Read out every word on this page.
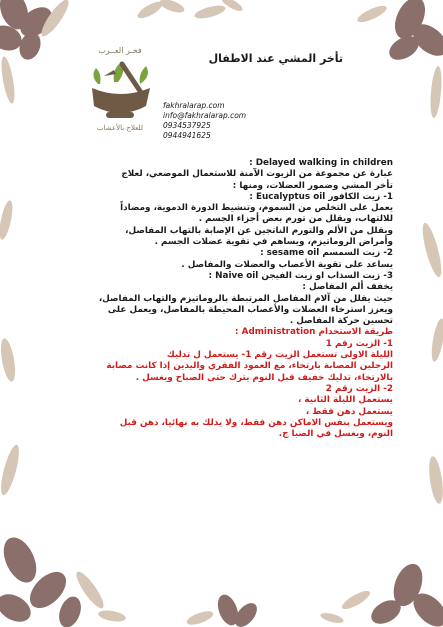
فخـر العــرب
للعلاج بالأعشاب
تأخر المشي عند الاطفال
fakhralarap.com
info@fakhralarap.com
0934537925
0944941625

Delayed walking in children :

عبارة عن مجموعة من الزيوت الآمنة للاستعمال الموضعي، لعلاج

تأخر المشي وضمور العضلات، ومنها :

1- زيت الكافور Eucalyptus oil :

يعمل على التخلص من السموم، وتنشيط الدورة الدموية، ومضاداً

للالتهاب، ويقلل من تورم بعض أجزاء الجسم .

ويقلل من الألم والتورم الناتجين عن الإصابة بالتهاب المفاصل،

وأمراض الروماتيزم، ويساهم في تقوية عضلات الجسم .

2- زيت السمسم sesame oil :

يساعد على تقوية الأعصاب والعضلات والمفاصل .

3- زيت السذاب او زيت الفيجن Naive oil :

يخفف ألم المفاصل :

حيث يقلل من آلام المفاصل المرتبطة بالروماتيزم والتهاب المفاصل،

ويعزز استرخاء العضلات والأعصاب المحيطة بالمفاصل، ويعمل على

تحسين حركة المفاصل .

طريقة الاستخدام Administration :

1- الزيت رقم 1

الليلة الاولى تستعمل الزيت رقم 1- يستعمل ل تدليك

الرجلين المصابة بارتخاء، مع العمود الفقري واليدين إذا كانت مصابة

بالارتخاء، تدليك خفيف قبل النوم يترك حتى الصباح ويغسل .

2- الزيت رقم 2

يستعمل الليلة الثانية ،

يستعمل دهن فقط ،

ويستعمل بنفس الاماكن دهن فقط، ولا يدلك به نهائيا، دهن قبل

النوم، ويغسل في الصبا ح.
